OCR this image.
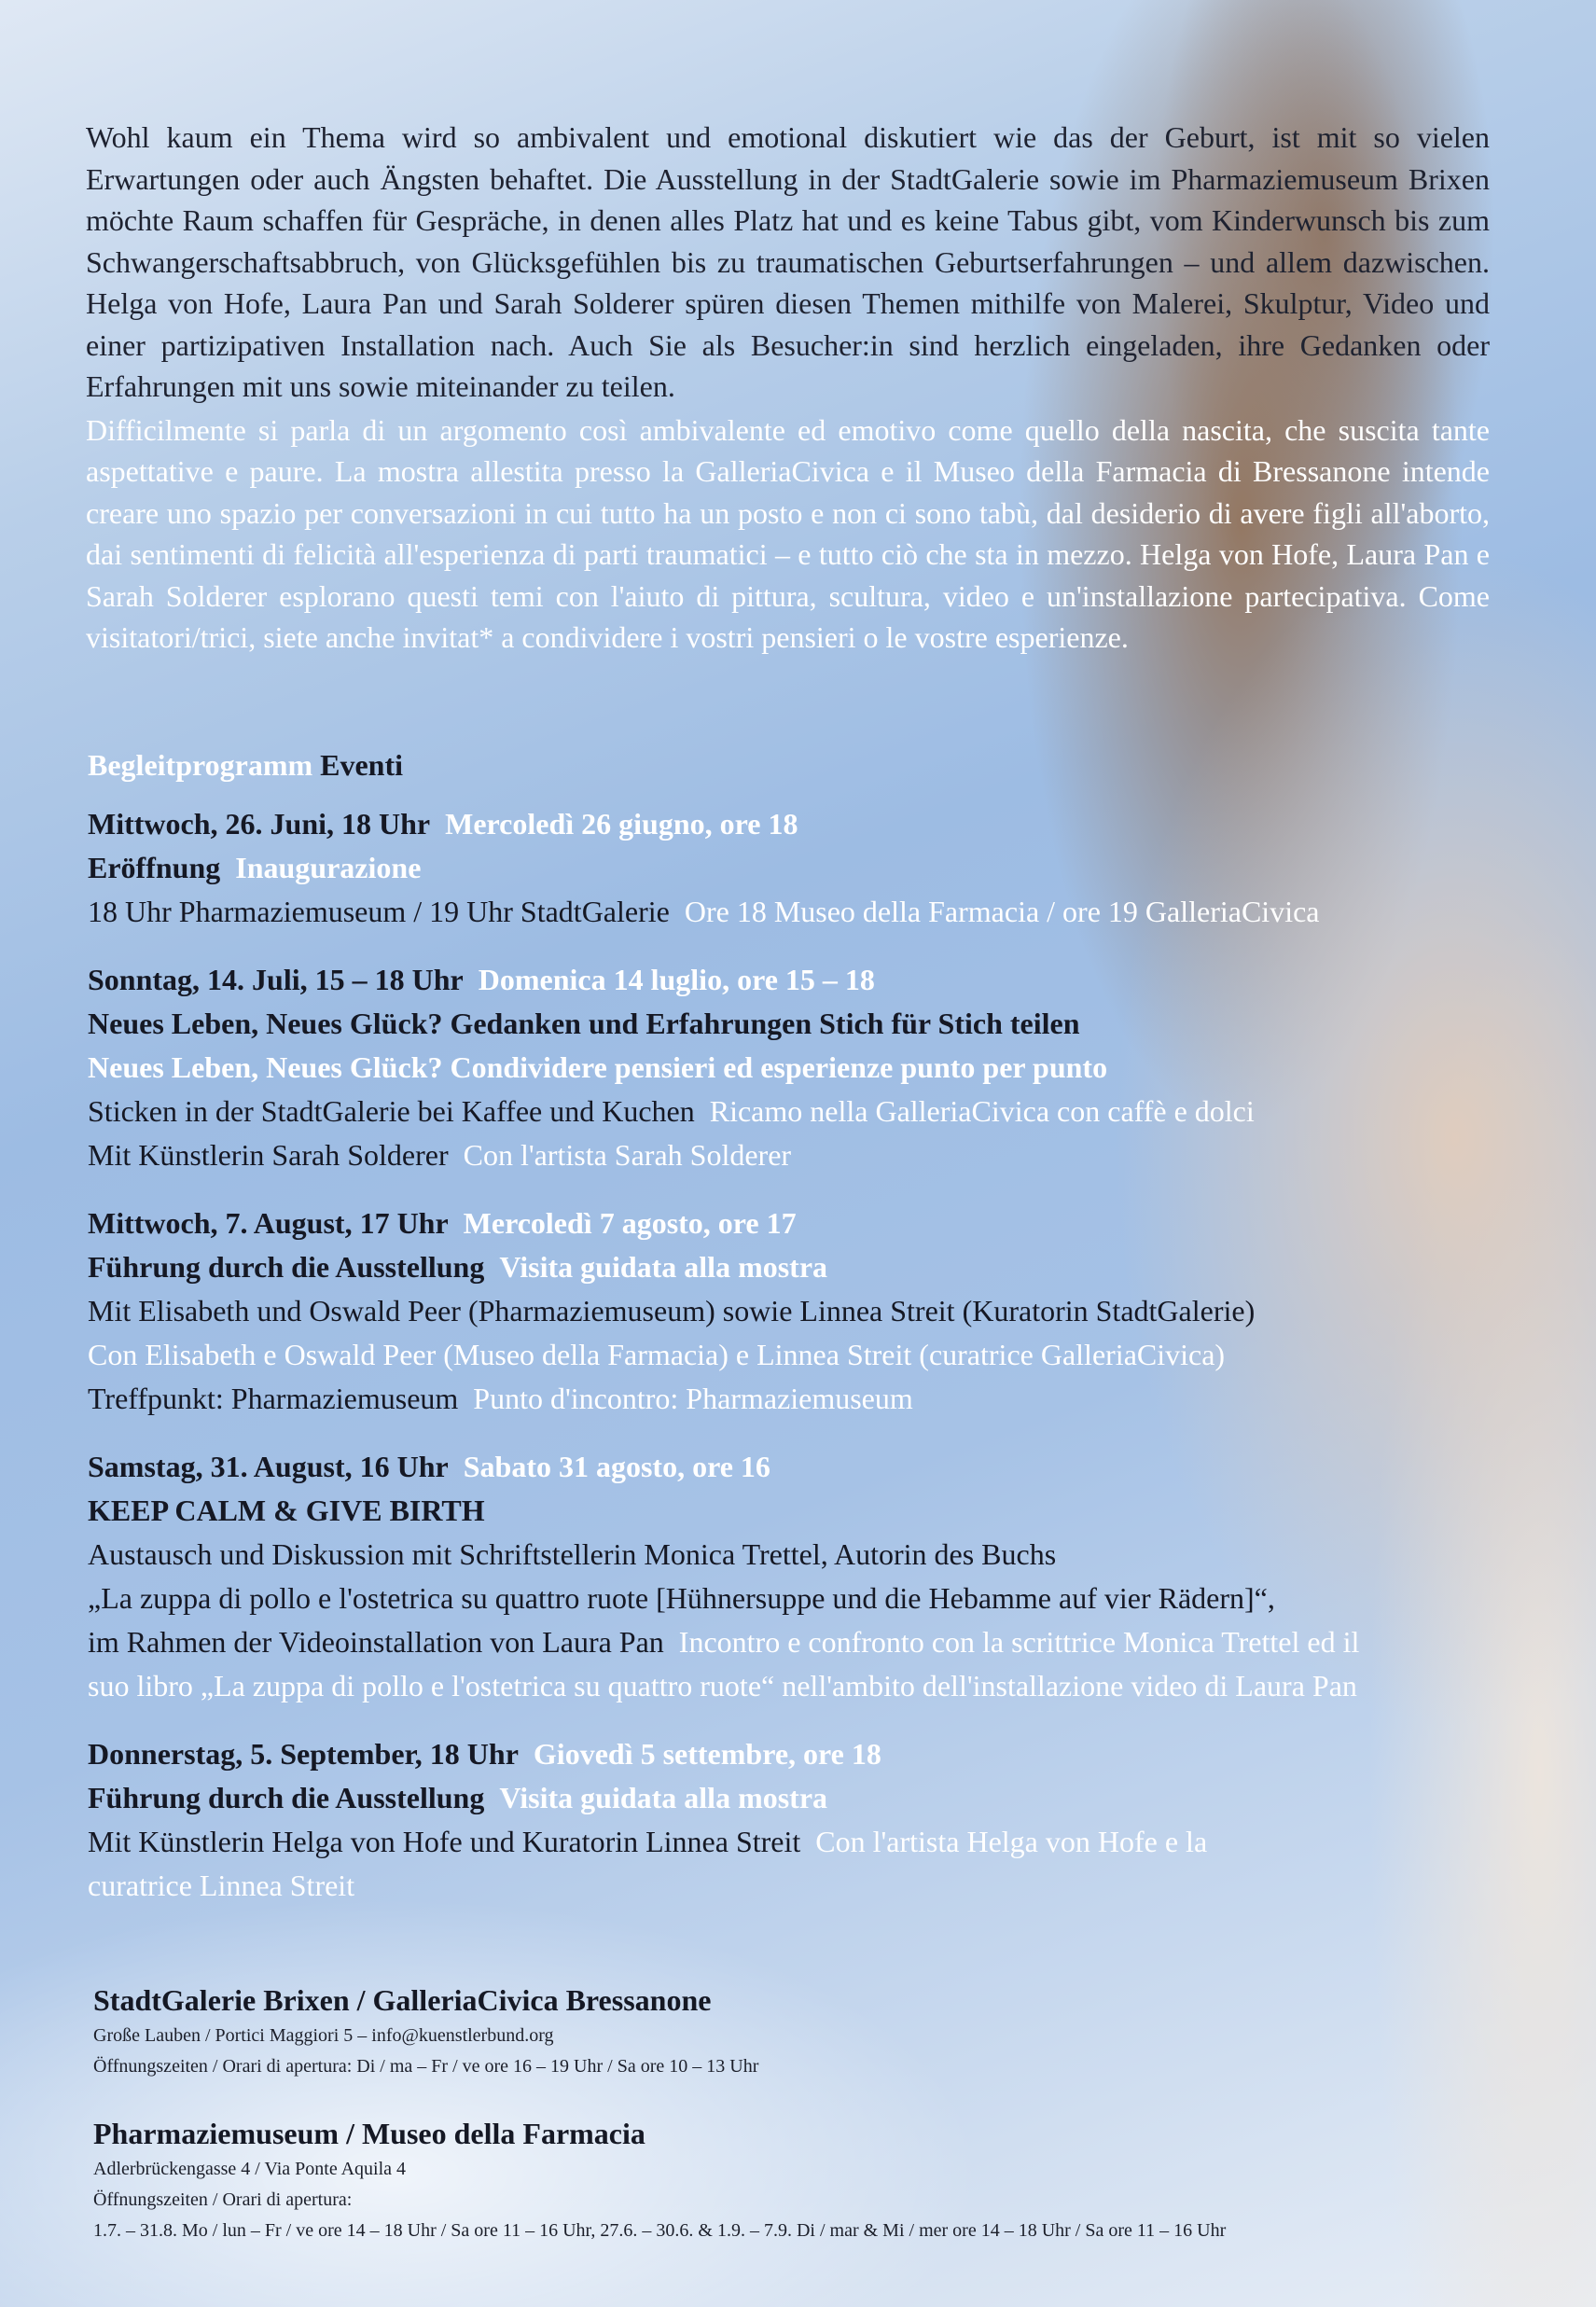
Wohl kaum ein Thema wird so ambivalent und emotional diskutiert wie das der Geburt, ist mit so vielen Erwartungen oder auch Ängsten behaftet. Die Ausstellung in der StadtGalerie sowie im Pharmaziemuseum Brixen möchte Raum schaffen für Gespräche, in denen alles Platz hat und es keine Tabus gibt, vom Kinderwunsch bis zum Schwangerschaftsabbruch, von Glücksgefühlen bis zu traumatischen Geburtserfahrungen – und allem dazwischen. Helga von Hofe, Laura Pan und Sarah Solderer spüren diesen Themen mithilfe von Malerei, Skulptur, Video und einer partizipativen Installation nach. Auch Sie als Besucher:in sind herzlich eingeladen, ihre Gedanken oder Erfahrungen mit uns sowie miteinander zu teilen.

Difficilmente si parla di un argomento così ambivalente ed emotivo come quello della nascita, che suscita tante aspettative e paure. La mostra allestita presso la GalleriaCivica e il Museo della Farmacia di Bressanone intende creare uno spazio per conversazioni in cui tutto ha un posto e non ci sono tabù, dal desiderio di avere figli all'aborto, dai sentimenti di felicità all'esperienza di parti traumatici – e tutto ciò che sta in mezzo. Helga von Hofe, Laura Pan e Sarah Solderer esplorano questi temi con l'aiuto di pittura, scultura, video e un'installazione partecipativa. Come visitatori/trici, siete anche invitat* a condividere i vostri pensieri o le vostre esperienze.

Begleitprogramm Eventi
Mittwoch, 26. Juni, 18 Uhr Mercoledì 26 giugno, ore 18
Eröffnung Inaugurazione
18 Uhr Pharmaziemuseum / 19 Uhr StadtGalerie Ore 18 Museo della Farmacia / ore 19 GalleriaCivica
Sonntag, 14. Juli, 15 – 18 Uhr Domenica 14 luglio, ore 15 – 18
Neues Leben, Neues Glück? Gedanken und Erfahrungen Stich für Stich teilen
Neues Leben, Neues Glück? Condividere pensieri ed esperienze punto per punto
Sticken in der StadtGalerie bei Kaffee und Kuchen Ricamo nella GalleriaCivica con caffè e dolci
Mit Künstlerin Sarah Solderer Con l'artista Sarah Solderer
Mittwoch, 7. August, 17 Uhr Mercoledì 7 agosto, ore 17
Führung durch die Ausstellung Visita guidata alla mostra
Mit Elisabeth und Oswald Peer (Pharmaziemuseum) sowie Linnea Streit (Kuratorin StadtGalerie)
Con Elisabeth e Oswald Peer (Museo della Farmacia) e Linnea Streit (curatrice GalleriaCivica)
Treffpunkt: Pharmaziemuseum Punto d'incontro: Pharmaziemuseum
Samstag, 31. August, 16 Uhr Sabato 31 agosto, ore 16
KEEP CALM & GIVE BIRTH
Austausch und Diskussion mit Schriftstellerin Monica Trettel, Autorin des Buchs
„La zuppa di pollo e l'ostetrica su quattro ruote [Hühnersuppe und die Hebamme auf vier Rädern]“,
im Rahmen der Videoinstallation von Laura Pan Incontro e confronto con la scrittrice Monica Trettel ed il
suo libro „La zuppa di pollo e l'ostetrica su quattro ruote“ nell'ambito dell'installazione video di Laura Pan
Donnerstag, 5. September, 18 Uhr Giovedì 5 settembre, ore 18
Führung durch die Ausstellung Visita guidata alla mostra
Mit Künstlerin Helga von Hofe und Kuratorin Linnea Streit Con l'artista Helga von Hofe e la
curatrice Linnea Streit
StadtGalerie Brixen / GalleriaCivica Bressanone
Große Lauben / Portici Maggiori 5 – info@kuenstlerbund.org
Öffnungszeiten / Orari di apertura: Di / ma – Fr / ve ore 16 – 19 Uhr / Sa ore 10 – 13 Uhr
Pharmaziemuseum / Museo della Farmacia
Adlerbrückengasse 4 / Via Ponte Aquila 4
Öffnungszeiten / Orari di apertura:
1.7. – 31.8. Mo / lun – Fr / ve ore 14 – 18 Uhr / Sa ore 11 – 16 Uhr, 27.6. – 30.6. & 1.9. – 7.9. Di / mar & Mi / mer ore 14 – 18 Uhr / Sa ore 11 – 16 Uhr
